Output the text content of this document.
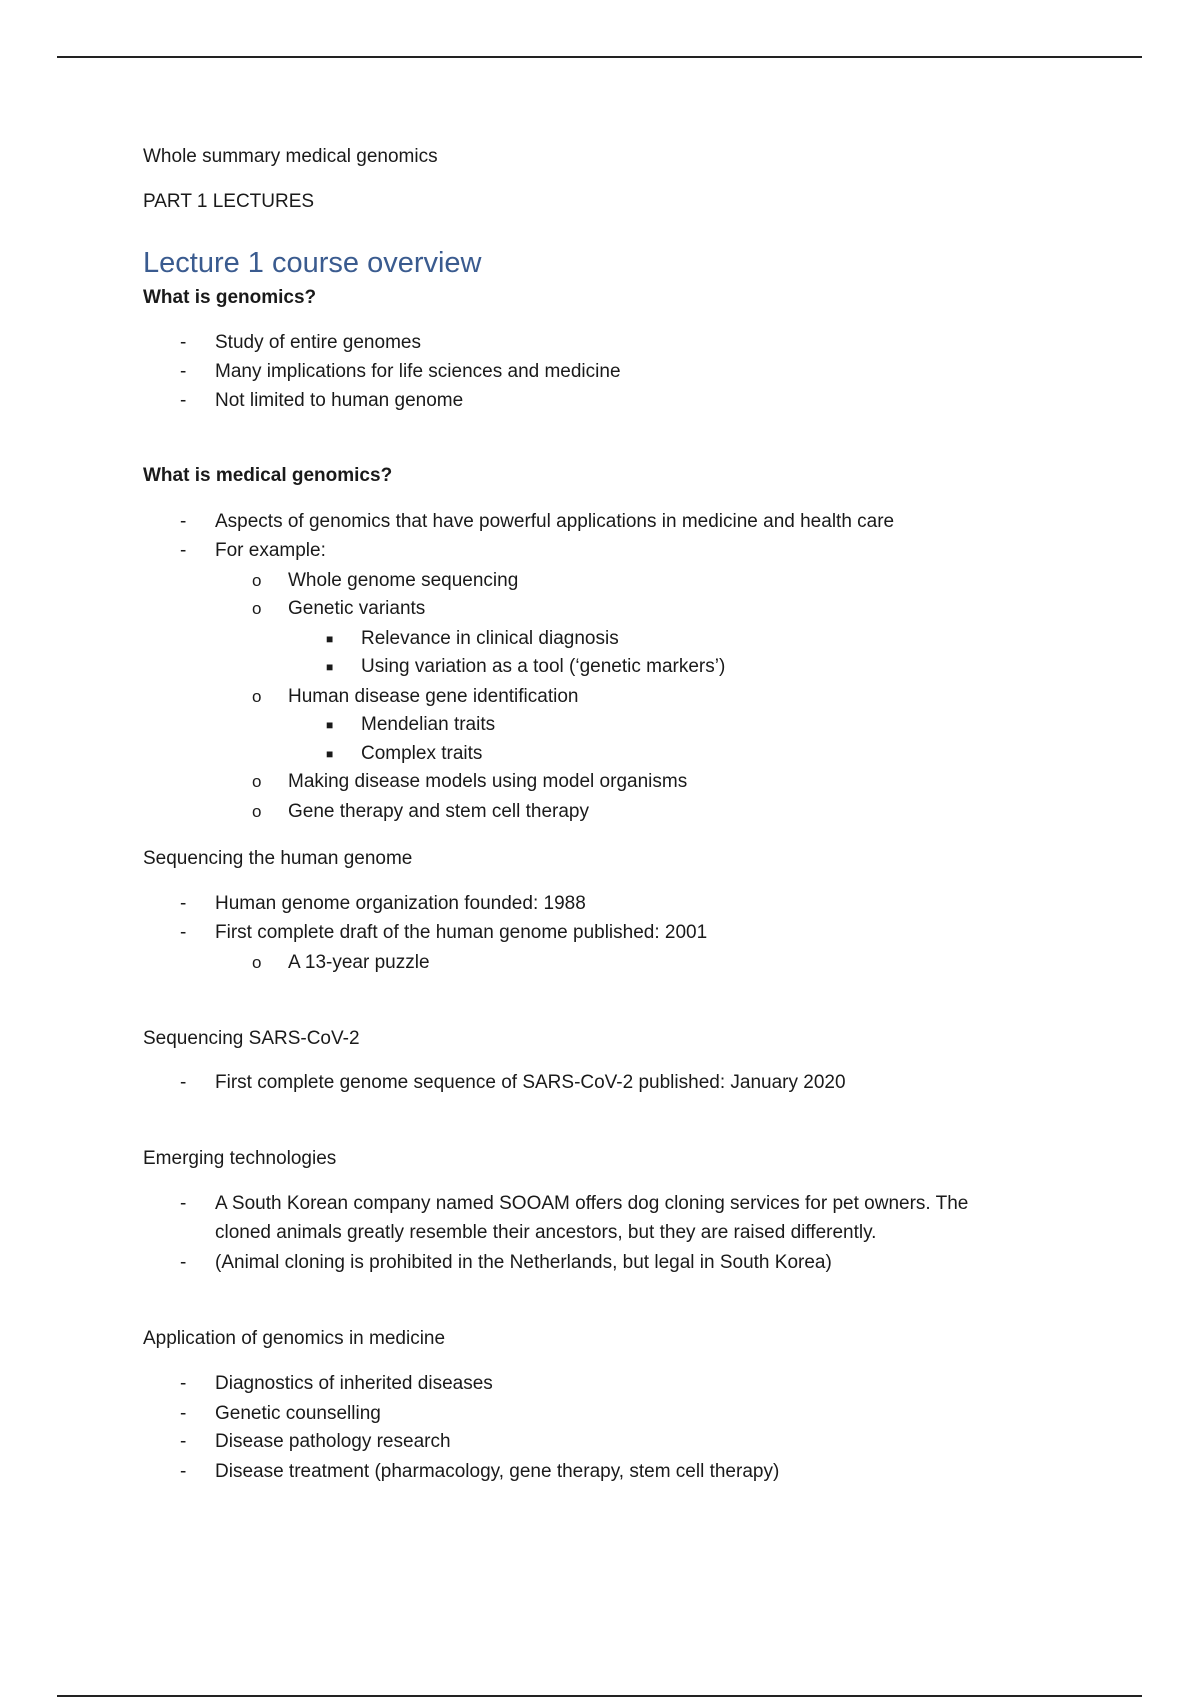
Whole summary medical genomics
PART 1 LECTURES
Lecture 1 course overview
What is genomics?
-	Study of entire genomes
-	Many implications for life sciences and medicine
-	Not limited to human genome
What is medical genomics?
-	Aspects of genomics that have powerful applications in medicine and health care
-	For example:
o	Whole genome sequencing
o	Genetic variants
■	Relevance in clinical diagnosis
■	Using variation as a tool (‘genetic markers’)
o	Human disease gene identification
■	Mendelian traits
■	Complex traits
o	Making disease models using model organisms
o	Gene therapy and stem cell therapy
Sequencing the human genome
-	Human genome organization founded: 1988
-	First complete draft of the human genome published: 2001
o	A 13-year puzzle
Sequencing SARS-CoV-2
-	First complete genome sequence of SARS-CoV-2 published: January 2020
Emerging technologies
-	A South Korean company named SOOAM offers dog cloning services for pet owners. The
cloned animals greatly resemble their ancestors, but they are raised differently.
-	(Animal cloning is prohibited in the Netherlands, but legal in South Korea)
Application of genomics in medicine
-	Diagnostics of inherited diseases
-	Genetic counselling
-	Disease pathology research
-	Disease treatment (pharmacology, gene therapy, stem cell therapy)
